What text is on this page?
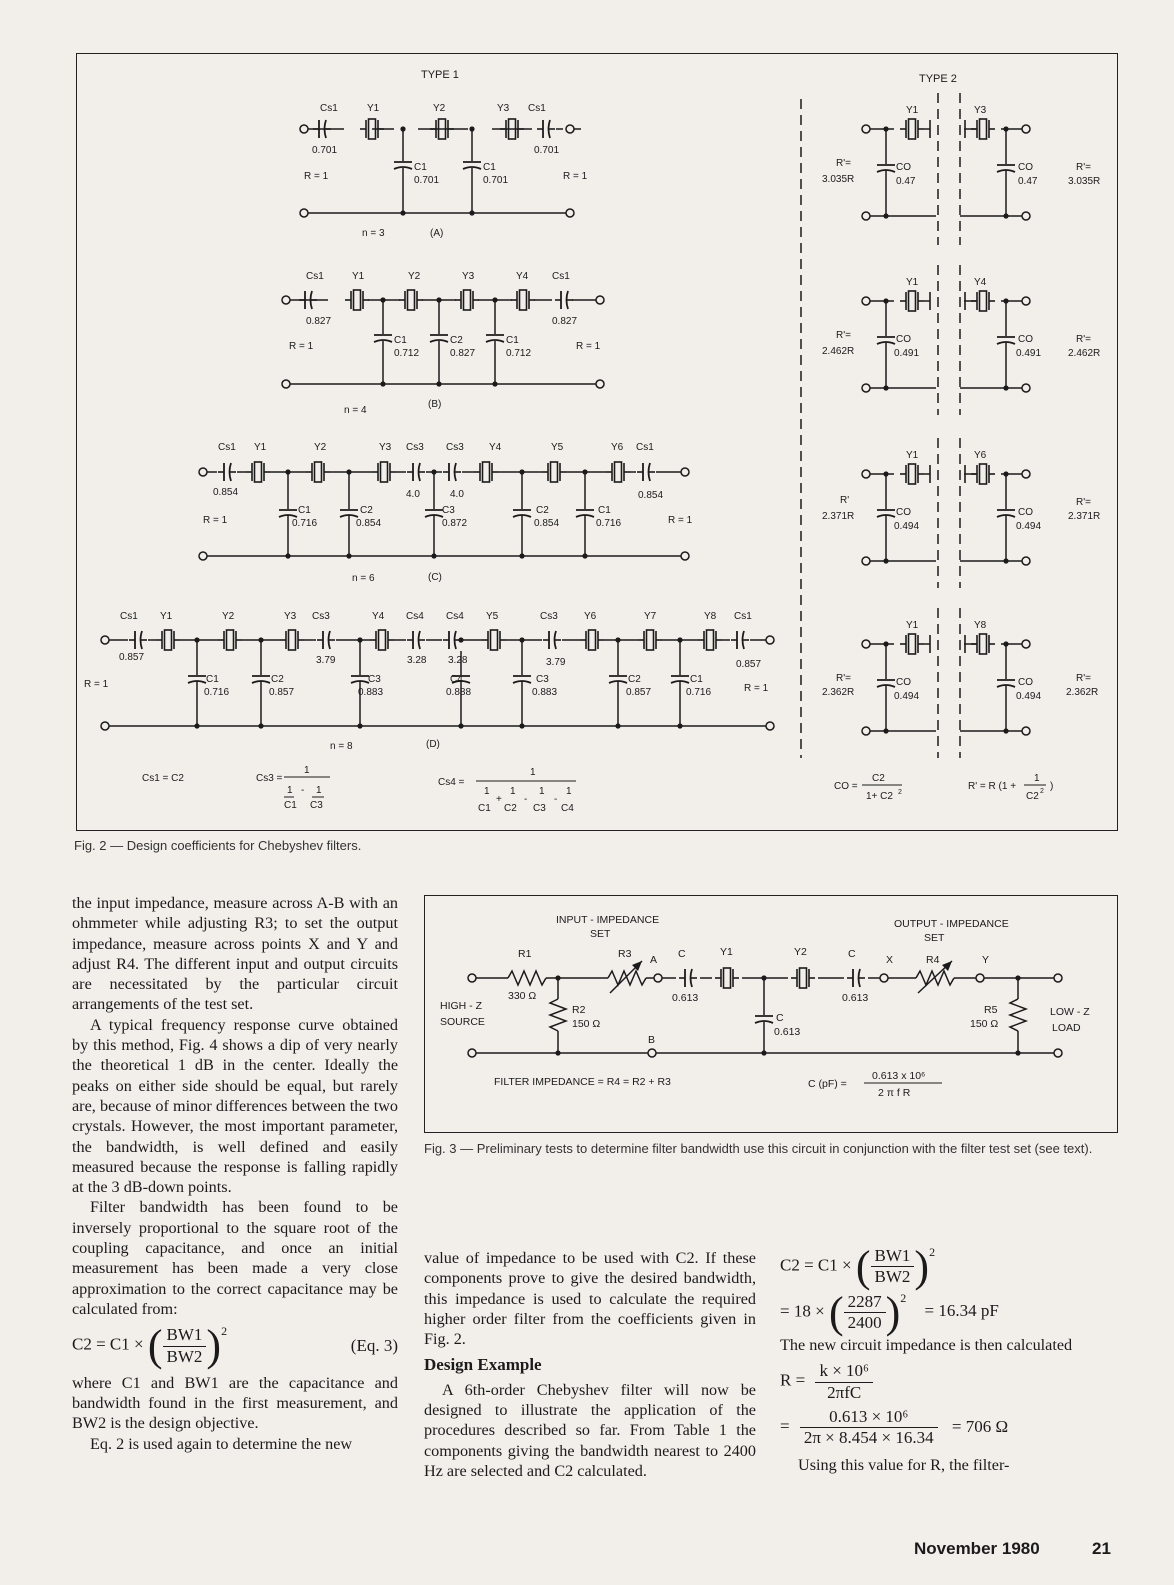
TYPE 1	TYPE 2
Cs1	Y1	Y2	Y3 Cs1
0.701	0.701
C1
0.701
C1
0.701
R = 1	R = 1
n = 3	(A)
Cs1	Y1	Y2	Y3	Y4 Cs1
0.827	0.827
C1
0.712
C2
0.827
C1
0.712
R = 1	R = 1
n = 4
(B)
Cs1 Y1	Y2	Y3 Cs3 Cs3	Y4	Y5	Y6 Cs1
0.854	0.854
4.0	4.0
C1
0.716
C2
0.854
C3
0.872
C2
0.854
C1
0.716
R = 1	R = 1
n = 6	(C)
Cs1 Y1	Y2	Y3 Cs3	Y4 Cs4 Cs4 Y5	Cs3	Y6	Y7	Y8 Cs1
0.857
0.857
3.79	3.79
3.28 3.28
C1
0.716
C2
0.857
C3
0.883
C4
0.888
C3
0.883
C2
0.857
C1
0.716
R = 1	R = 1
n = 8	(D)
Y1	Y3
R'=
3.035R
CO
0.47
CO
0.47
R'=
3.035R
Y1	Y4
R'=
2.462R
CO
0.491
CO
0.491
R'=
2.462R
Y1	Y6
R'
2.371R	CO
0.494
CO
0.494
R'=
2.371R
Y1	Y8
R'=
2.362R
CO
0.494
CO
0.494
R'=
2.362R
Cs1 = C2	Cs3 =
1
1 - 1
C1 C3
Cs4 =
1
1
+
1
-
1
-
1
C1 C2 C3 C4
CO =
C2
1+ C2 2
R' = R (1 +
1
C2 2 )
Fig. 2 — Design coefficients for Chebyshev filters.
INPUT - IMPEDANCE
SET
OUTPUT - IMPEDANCE
SET
R1
330 Ω
R3 A C	Y1	Y2	C	X	R4	Y
0.613	0.613
R2
150 Ω	C
0.613
B
R5
150 Ω
HIGH - Z
SOURCE
LOW - Z
LOAD
FILTER IMPEDANCE = R4 = R2 + R3	C (pF) =
0.613 x 10⁶
2 π f R
Fig. 3 — Preliminary tests to determine filter bandwidth use this circuit in conjunction with the filter test set (see text).

the input impedance, measure across A-B with an ohmmeter while adjusting R3; to set the output impedance, measure across points X and Y and adjust R4. The different input and output circuits are necessitated by the particular circuit arrangements of the test set.

A typical frequency response curve obtained by this method, Fig. 4 shows a dip of very nearly the theoretical 1 dB in the center. Ideally the peaks on either side should be equal, but rarely are, because of minor differences between the two crystals. However, the most important parameter, the bandwidth, is well defined and easily measured because the response is falling rapidly at the 3 dB-down points.

Filter bandwidth has been found to be inversely proportional to the square root of the coupling capacitance, and once an initial measurement has been made a very close approximation to the correct capacitance may be calculated from:

C2 = C1 × ( $\frac{BW1}{BW2} )^2$
(Eq. 3)

where C1 and BW1 are the capacitance and bandwidth found in the first measurement, and BW2 is the design objective.

Eq. 2 is used again to determine the new

value of impedance to be used with C2. If these components prove to give the desired bandwidth, this impedance is used to calculate the required higher order filter from the coefficients given in Fig. 2.

Design Example

A 6th-order Chebyshev filter will now be designed to illustrate the application of the procedures described so far. From Table 1 the components giving the bandwidth nearest to 2400 Hz are selected and C2 calculated.

C2 = C1 × ( $\frac{BW1}{BW2} )^2$
= 18 × ( $\frac{2287}{2400} )^2 = 16.34$ pF

The new circuit impedance is then calculated

$R = \frac{\text{k × 10⁶}}{\text{2πfC}}$
= $\frac{\text{0.613 × 10⁶}}{2\pi \times 8.454 \times 16.34} = 706$ Ω

Using this value for R, the filter-

November 1980	21
